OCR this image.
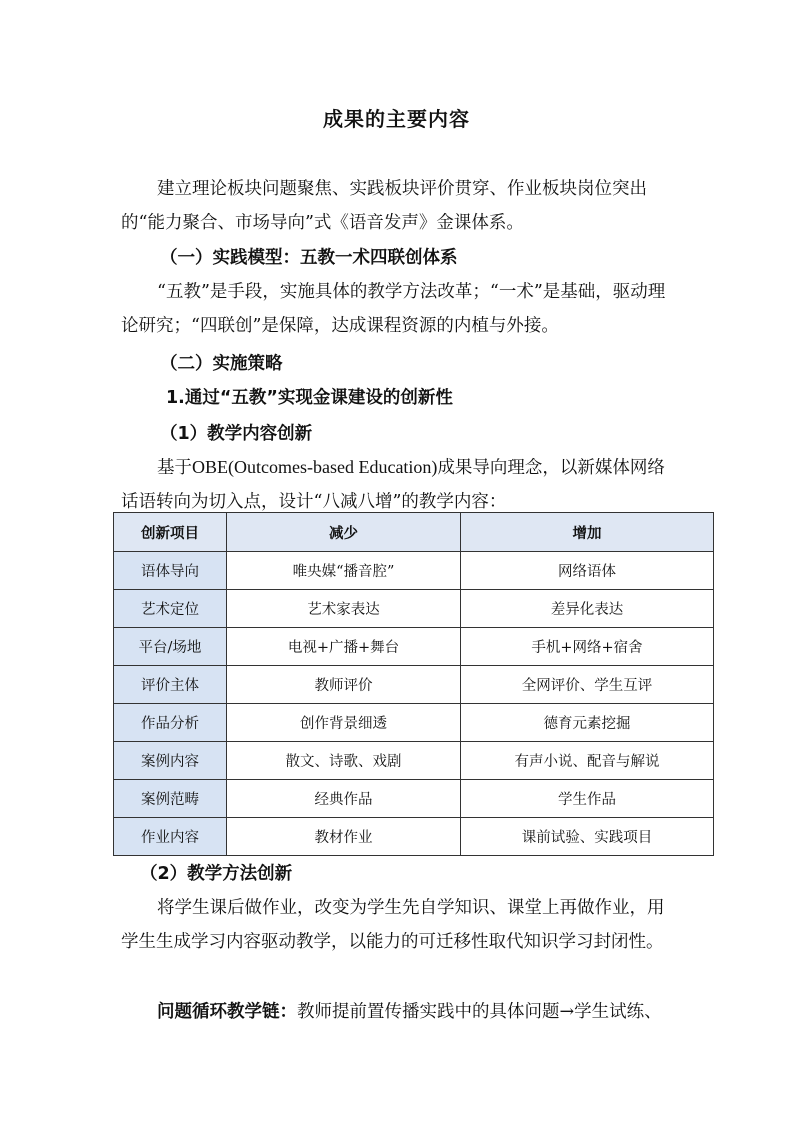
成果的主要内容

建立理论板块问题聚焦、实践板块评价贯穿、作业板块岗位突出的“能力聚合、市场导向”式《语音发声》金课体系。

（一）实践模型：五教一术四联创体系

“五教”是手段，实施具体的教学方法改革；“一术”是基础，驱动理论研究；“四联创”是保障，达成课程资源的内植与外接。

（二）实施策略
1.通过“五教”实现金课建设的创新性
（1）教学内容创新

基于OBE(Outcomes-based Education)成果导向理念，以新媒体网络话语转向为切入点，设计“八减八增”的教学内容：

创新项目	减少	增加
语体导向	唯央媒“播音腔”	网络语体
艺术定位	艺术家表达	差异化表达
平台/场地	电视+广播+舞台	手机+网络+宿舍
评价主体	教师评价	全网评价、学生互评
作品分析	创作背景细透	德育元素挖掘
案例内容	散文、诗歌、戏剧	有声小说、配音与解说
案例范畴	经典作品	学生作品
作业内容	教材作业	课前试验、实践项目
（2）教学方法创新

将学生课后做作业，改变为学生先自学知识、课堂上再做作业，用学生生成学习内容驱动教学，以能力的可迁移性取代知识学习封闭性。

问题循环教学链：教师提前置传播实践中的具体问题→学生试练、
